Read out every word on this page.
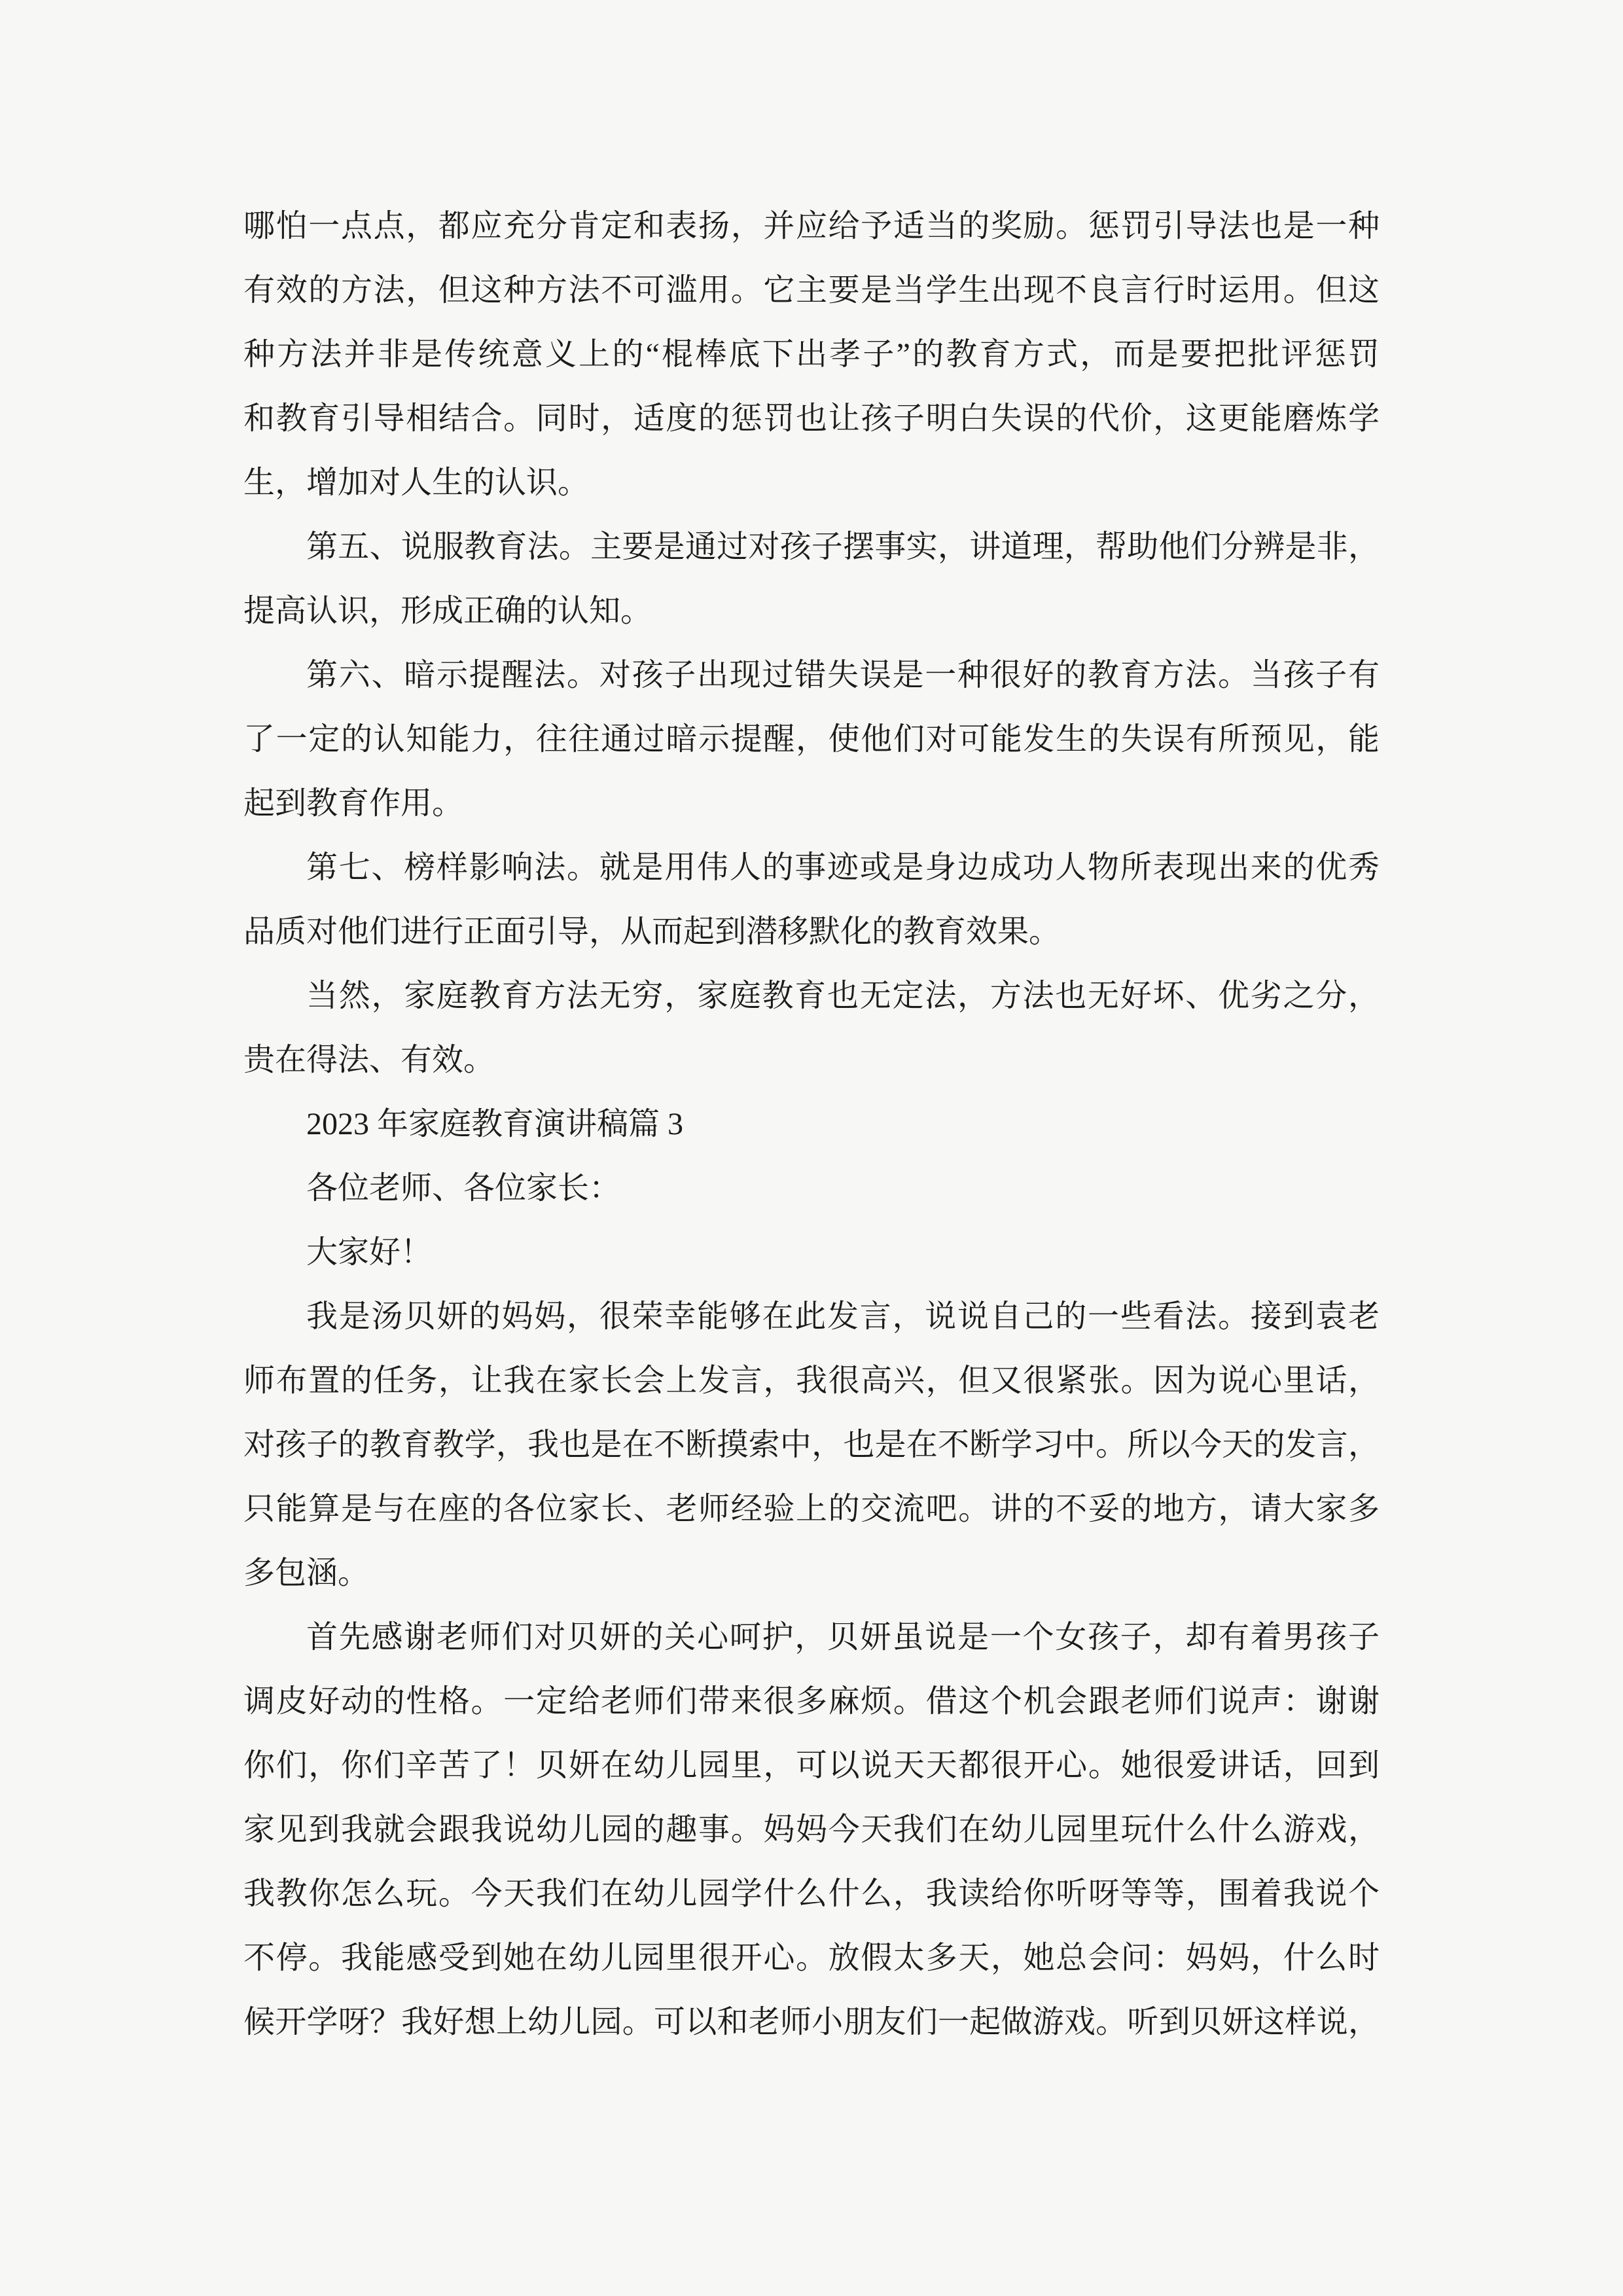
哪怕一点点，都应充分肯定和表扬，并应给予适当的奖励。惩罚引导法也是一种
有效的方法，但这种方法不可滥用。它主要是当学生出现不良言行时运用。但这
种方法并非是传统意义上的“棍棒底下出孝子”的教育方式，而是要把批评惩罚
和教育引导相结合。同时，适度的惩罚也让孩子明白失误的代价，这更能磨炼学
生，增加对人生的认识。
第五、说服教育法。主要是通过对孩子摆事实，讲道理，帮助他们分辨是非，
提高认识，形成正确的认知。
第六、暗示提醒法。对孩子出现过错失误是一种很好的教育方法。当孩子有
了一定的认知能力，往往通过暗示提醒，使他们对可能发生的失误有所预见，能
起到教育作用。
第七、榜样影响法。就是用伟人的事迹或是身边成功人物所表现出来的优秀
品质对他们进行正面引导，从而起到潜移默化的教育效果。
当然，家庭教育方法无穷，家庭教育也无定法，方法也无好坏、优劣之分，
贵在得法、有效。
2023 年家庭教育演讲稿篇 3
各位老师、各位家长：
大家好！
我是汤贝妍的妈妈，很荣幸能够在此发言，说说自己的一些看法。接到袁老
师布置的任务，让我在家长会上发言，我很高兴，但又很紧张。因为说心里话，
对孩子的教育教学，我也是在不断摸索中，也是在不断学习中。所以今天的发言，
只能算是与在座的各位家长、老师经验上的交流吧。讲的不妥的地方，请大家多
多包涵。
首先感谢老师们对贝妍的关心呵护，贝妍虽说是一个女孩子，却有着男孩子
调皮好动的性格。一定给老师们带来很多麻烦。借这个机会跟老师们说声：谢谢
你们，你们辛苦了！贝妍在幼儿园里，可以说天天都很开心。她很爱讲话，回到
家见到我就会跟我说幼儿园的趣事。妈妈今天我们在幼儿园里玩什么什么游戏，
我教你怎么玩。今天我们在幼儿园学什么什么，我读给你听呀等等，围着我说个
不停。我能感受到她在幼儿园里很开心。放假太多天，她总会问：妈妈，什么时
候开学呀？我好想上幼儿园。可以和老师小朋友们一起做游戏。听到贝妍这样说，
